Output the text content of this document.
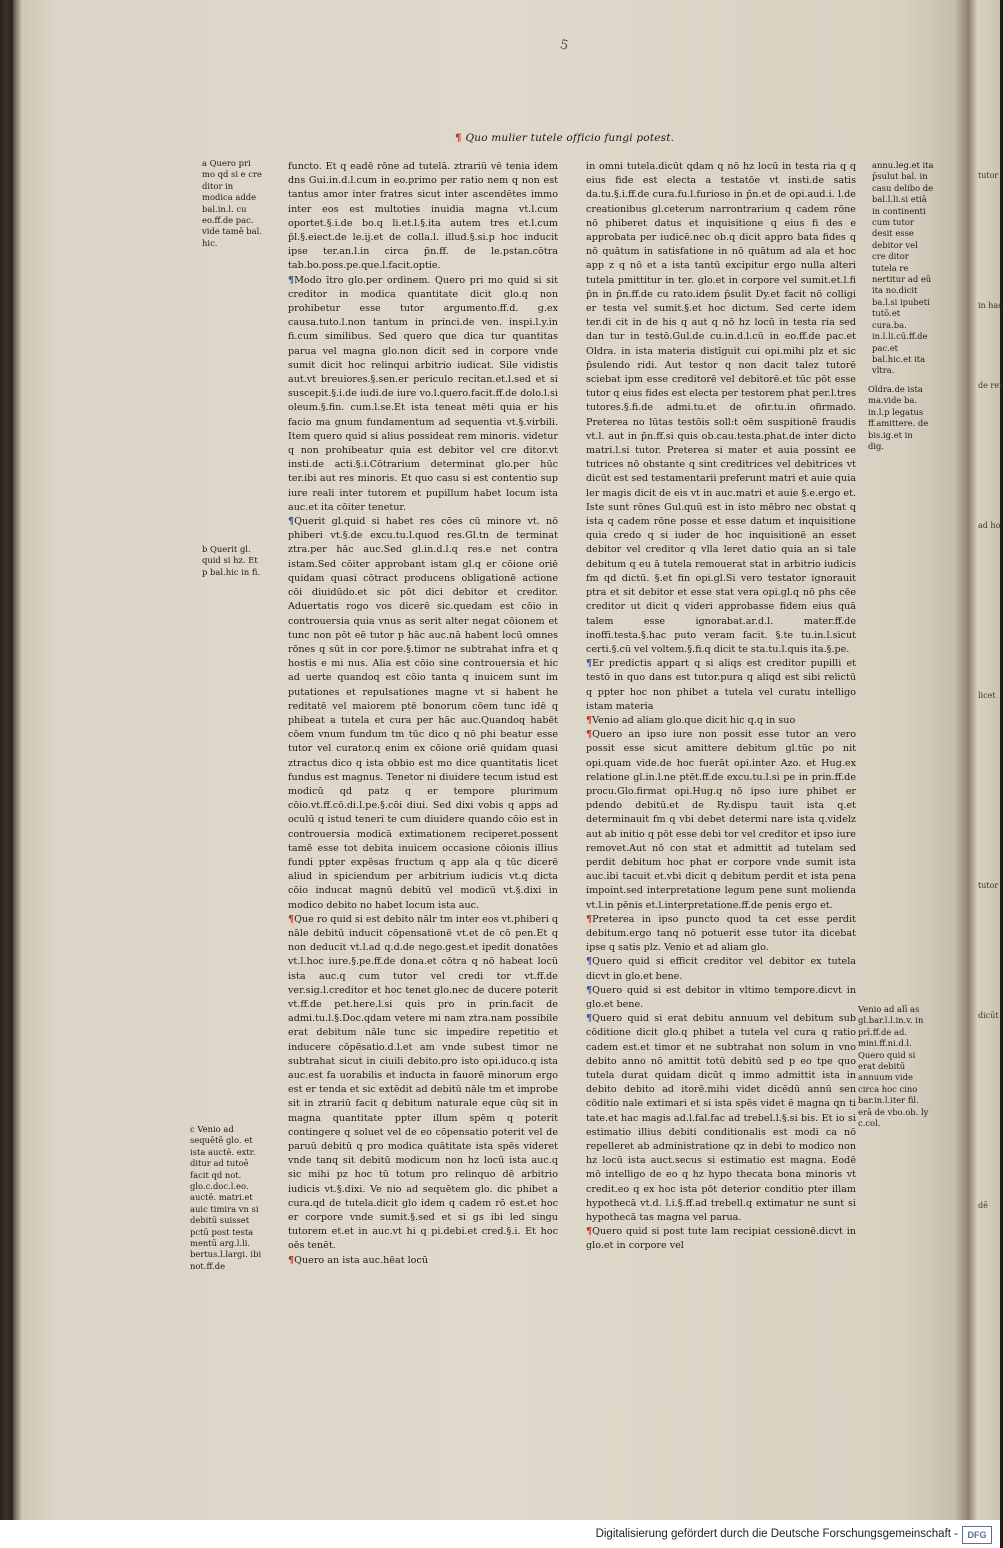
5
¶ Quo mulier tutele officio fungi potest.
a Quero pri mo qd si e cre ditor in modica adde bal.in.l. cu eo.ff.de pac. vide tamē bal. hic.
b Querit gl. quid si hz. Et p bal.hic in fi.
c Venio ad sequētē glo. et ista auctē. extr. ditur ad tutoē facit qd not. glo.c.doc.l.eo. auctē. matri.et auic timira vn si debitū suisset pctū post testa mentū arg.l.li. bertus.l.largi. ibi not.ff.de

functo. Et q eadē rōne ad tutelā. ztrariū vē tenia idem dns Gui.in.d.l.cum in eo.primo per ratio nem q non est tantus amor inter fratres sicut inter ascendētes immo inter eos est multoties inuidia magna vt.l.cum oportet.§.i.de bo.q li.et.l.§.ita autem tres et.l.cum p̄l.§.eiect.de le.ij.et de colla.l. illud.§.si.p hoc inducit ipse ter.an.l.in circa p̄n.ff. de le.pstan.cōtra tab.bo.poss.pe.que.l.facit.optie.

¶Modo ītro glo.per ordinem. Quero pri mo quid si sit creditor in modica quantitate dicit glo.q non prohibetur esse tutor argumento.ff.d. g.ex causa.tuto.l.non tantum in princi.de ven. inspi.l.y.in fi.cum similibus. Sed quero que dica tur quantitas parua vel magna glo.non dicit sed in corpore vnde sumit dicit hoc relinqui arbitrio iudicat. Sile vidistis aut.vt breuiores.§.sen.er periculo recitan.et.l.sed et si suscepit.§.i.de iudi.de iure vo.l.quero.facit.ff.de dolo.l.si oleum.§.fin. cum.l.se.Et ista teneat mēti quia er his facio ma gnum fundamentum ad sequentia vt.§.virbili. Item quero quid si alius possideat rem minoris. videtur q non prohibeatur quia est debitor vel cre ditor.vt insti.de acti.§.i.Cōtrarium determinat glo.per hūc ter.ibi aut res minoris. Et quo casu si est contentio sup iure reali inter tutorem et pupillum habet locum ista auc.et ita cōiter tenetur.

¶Querit gl.quid si habet res cōes cū minore vt. nō phiberi vt.§.de excu.tu.l.quod res.Gl.tn de terminat ztra.per hāc auc.Sed gl.in.d.l.q res.e net contra istam.Sed cōiter approbant istam gl.q er cōione oriē quidam quasi cōtract producens obligationē actione cōi diuidūdo.et sic pōt dici debitor et creditor. Aduertatis rogo vos dicerē sic.quedam est cōio in controuersia quia vnus as serit alter negat cōionem et tunc non pōt eē tutor p hāc auc.nā habent locū omnes rōnes q sūt in cor pore.§.timor ne subtrahat infra et q hostis e mi nus. Alia est cōio sine controuersia et hic ad uerte quandoq est cōio tanta q inuicem sunt im putationes et repulsationes magne vt si habent he reditatē vel maiorem ptē bonorum cōem tunc idē q phibeat a tutela et cura per hāc auc.Quandoq habēt cōem vnum fundum tm tūc dico q nō phi beatur esse tutor vel curator.q enim ex cōione oriē quidam quasi ztractus dico q ista obbio est mo dice quantitatis licet fundus est magnus. Tenetor ni diuidere tecum istud est modicū qd patz q er tempore plurimum cōio.vt.ff.cō.di.l.pe.§.cōi diui. Sed dixi vobis q apps ad oculū q istud teneri te cum diuidere quando cōio est in controuersia modicā extimationem reciperet.possent tamē esse tot debita inuicem occasione cōionis illius fundi ppter expēsas fructum q app ala q tūc dicerē aliud in spiciendum per arbitrium iudicis vt.q dicta cōio inducat magnū debitū vel modicū vt.§.dixi in modico debito no habet locum ista auc.

¶Que ro quid si est debito nālr tm inter eos vt.phiberi q nāle debitū inducit cōpensationē vt.et de cō pen.Et q non deducit vt.l.ad q.d.de nego.gest.et ipedit donatōes vt.l.hoc iure.§.pe.ff.de dona.et cōtra q nō habeat locū ista auc.q cum tutor vel credi tor vt.ff.de ver.sig.l.creditor et hoc tenet glo.nec de ducere poterit vt.ff.de pet.here.l.si quis pro in prin.facit de admi.tu.l.§.Doc.qdam vetere mi nam ztra.nam possibile erat debitum nāle tunc sic impedire repetitio et inducere cōpēsatio.d.l.et am vnde subest timor ne subtrahat sicut in ciuili debito.pro isto opi.iduco.q ista auc.est fa uorabilis et inducta in fauorē minorum ergo est er tenda et sic extēdit ad debitū nāle tm et improbe sit in ztrariū facit q debitum naturale eque cūq sit in magna quantitate ppter illum spēm q poterit contingere q soluet vel de eo cōpensatio poterit vel de paruū debitū q pro modica quātitate ista spēs videret vnde tanq sit debitū modicum non hz locū ista auc.q sic mihi pz hoc tū totum pro relinquo dē arbitrio iudicis vt.§.dixi. Ve nio ad sequētem glo. dic phibet a cura.qd de tutela.dicit glo idem q cadem rō est.et hoc er corpore vnde sumit.§.sed et si gs ibi led singu tutorem et.et in auc.vt hi q pi.debi.et cred.§.i. Et hoc oēs tenēt.

¶Quero an ista auc.hēat locū

in omni tutela.dicūt qdam q nō hz locū in testa ria q q eius fide est electa a testatōe vt insti.de satis da.tu.§.i.ff.de cura.fu.l.furioso in p̄n.et de opi.aud.i. l.de creationibus gl.ceterum narrontrarium q cadem rōne nō phiberet datus et inquisitione q eius fi des e approbata per iudicē.nec ob.q dicit appro bata fides q nō quātum in satisfatione in nō quātum ad ala et hoc app z q nō et a ista tantū excipitur ergo nulla alteri tutela pmittitur in ter. glo.et in corpore vel sumit.et.l.fi p̄n in p̄n.ff.de cu rato.idem p̄sulit Dy.et facit nō colligi er testa vel sumit.§.et hoc dictum. Sed certe idem ter.di cit in de his q aut q nō hz locū in testa ria sed dan tur in testō.Gul.de cu.in.d.l.cū in eo.ff.de pac.et Oldra. in ista materia distīguit cui opi.mihi plz et sic p̄sulendo ridi. Aut testor q non dacit talez tutorē sciebat ipm esse creditorē vel debitorē.et tūc pōt esse tutor q eius fides est electa per testorem phat per.l.tres tutores.§.fi.de admi.tu.et de ofir.tu.in ofirmado. Preterea no lūtas testōis soll:t oēm suspitionē fraudis vt.l. aut in p̄n.ff.si quis ob.cau.testa.phat.de inter dicto matri.l.si tutor. Preterea si mater et auia possint ee tutrices nō obstante q sint creditrices vel debitrices vt dicūt est sed testamentarii preferunt matri et auie quia ler magis dicit de eis vt in auc.matri et auie §.e.ergo et. Iste sunt rōnes Gul.quū est in isto mēbro nec obstat q ista q cadem rōne posse et esse datum et inquisitione quia credo q si iuder de hoc inquisitionē an esset debitor vel creditor q vlla leret datio quia an si tale debitum q eu ā tutela remouerat stat in arbitrio iudicis fm qd dictū. §.et fin opi.gl.Si vero testator ignorauit ptra et sit debitor et esse stat vera opi.gl.q nō phs cēe creditor ut dicit q videri approbasse fidem eius quā talem esse ignorabat.ar.d.l. mater.ff.de inoffi.testa.§.hac puto veram facit. §.te tu.in.l.sicut certi.§.cū vel voltem.§.fi.q dicit te sta.tu.l.quis ita.§.pe.

¶Er predictis appart q si aliqs est creditor pupilli et testō in quo dans est tutor.pura q aliqd est sibi relictū q ppter hoc non phibet a tutela vel curatu intelligo istam materia

¶Venio ad aliam glo.que dicit hic q.q in suo

¶Quero an ipso iure non possit esse tutor an vero possit esse sicut amittere debitum gl.tūc po nit opi.quam vide.de hoc fuerāt opi.inter Azo. et Hug.ex relatione gl.in.l.ne ptēt.ff.de excu.tu.l.si pe in prin.ff.de procu.Glo.firmat opi.Hug.q nō ipso iure phibet er pdendo debitū.et de Ry.dispu tauit ista q.et determinauit fm q vbi debet determi nare ista q.videlz aut ab initio q pōt esse debi tor vel creditor et ipso iure removet.Aut nō con stat et admittit ad tutelam sed perdit debitum hoc phat er corpore vnde sumit ista auc.ibi tacuit et.vbi dicit q debitum perdit et ista pena impoint.sed interpretatione legum pene sunt molienda vt.l.in pēnis et.l.interpretatione.ff.de penis ergo et.

¶Preterea in ipso puncto quod ta cet esse perdit debitum.ergo tanq nō potuerit esse tutor ita dicebat ipse q satis plz. Venio et ad aliam glo.

¶Quero quid si efficit creditor vel debitor ex tutela dicvt in glo.et bene.

¶Quero quid si est debitor in vltimo tempore.dicvt in glo.et bene.

¶Quero quid si erat debitu annuum vel debitum sub cōditione dicit glo.q phibet a tutela vel cura q ratio cadem est.et timor et ne subtrahat non solum in vno debito anno nō amittit totū debitū sed p eo tpe quo tutela durat quidam dicūt q immo admittit ista in debito debito ad itorē.mihi videt dicēdū annū sen cōditio nale extimari et si ista spēs videt ē magna qn ti tate.et hac magis ad.l.fal.fac ad trebel.l.§.si bis. Et io si estimatio illius debiti conditionalis est modi ca nō repelleret ab administratione qz in debi to modico non hz locū ista auct.secus si estimatio est magna. Eodē mō intelligo de eo q hz hypo thecata bona minoris vt credit.eo q ex hoc ista pōt deterior conditio pter illam hypothecā vt.d. l.i.§.ff.ad trebell.q extimatur ne sunt si hypothecā tas magna vel parua.

¶Quero quid si post tute lam recipiat cessionē.dicvt in glo.et in corpore vel

annu.leg.et ita p̄sulut bal. in casu delibo de bal.l.li.si etiā in continenti cum tutor desit esse debitor vel cre ditor tutela re nertitur ad eū ita no.dicit ba.l.si ipubeti tutō.et cura.ba. in.l.li.cū.ff.de pac.et bal.hic.et ita vltra.
Oldra.de ista ma.vide ba. in.l.p legatus ff.amittere. de bis.ig.et in dig.
Venio ad alī as gl.bar.l.l.in.v. in prī.ff.de ad. mini.ff.ni.d.l. Quero quid si erat debitū annuum vide circa hoc cino bar.in.l.iter fil. erā de vbo.ob. ly c.col.
tutor
in hac
de rer
ad ho
licet
tutor
dicūt
dē
Digitalisierung gefördert durch die Deutsche Forschungsgemeinschaft -	DFG
